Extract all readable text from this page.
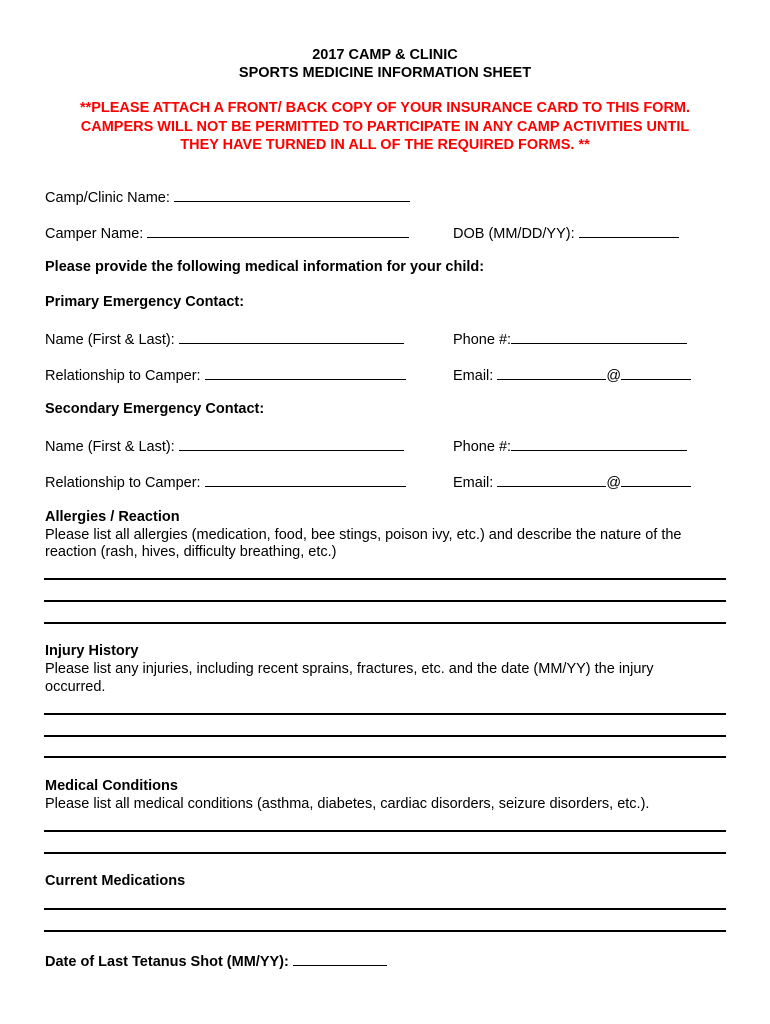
2017 CAMP & CLINIC
SPORTS MEDICINE INFORMATION SHEET
**PLEASE ATTACH A FRONT/ BACK COPY OF YOUR INSURANCE CARD TO THIS FORM.
CAMPERS WILL NOT BE PERMITTED TO PARTICIPATE IN ANY CAMP ACTIVITIES UNTIL
THEY HAVE TURNED IN ALL OF THE REQUIRED FORMS. **
Camp/Clinic Name:
Camper Name:	DOB (MM/DD/YY):
Please provide the following medical information for your child:
Primary Emergency Contact:
Name (First & Last):	Phone #:
Relationship to Camper:	Email:	@
Secondary Emergency Contact:
Name (First & Last):	Phone #:
Relationship to Camper:	Email:	@
Allergies / Reaction
Please list all allergies (medication, food, bee stings, poison ivy, etc.) and describe the nature of the
reaction (rash, hives, difficulty breathing, etc.)
Injury History
Please list any injuries, including recent sprains, fractures, etc. and the date (MM/YY) the injury
occurred.
Medical Conditions
Please list all medical conditions (asthma, diabetes, cardiac disorders, seizure disorders, etc.).
Current Medications
Date of Last Tetanus Shot (MM/YY):
